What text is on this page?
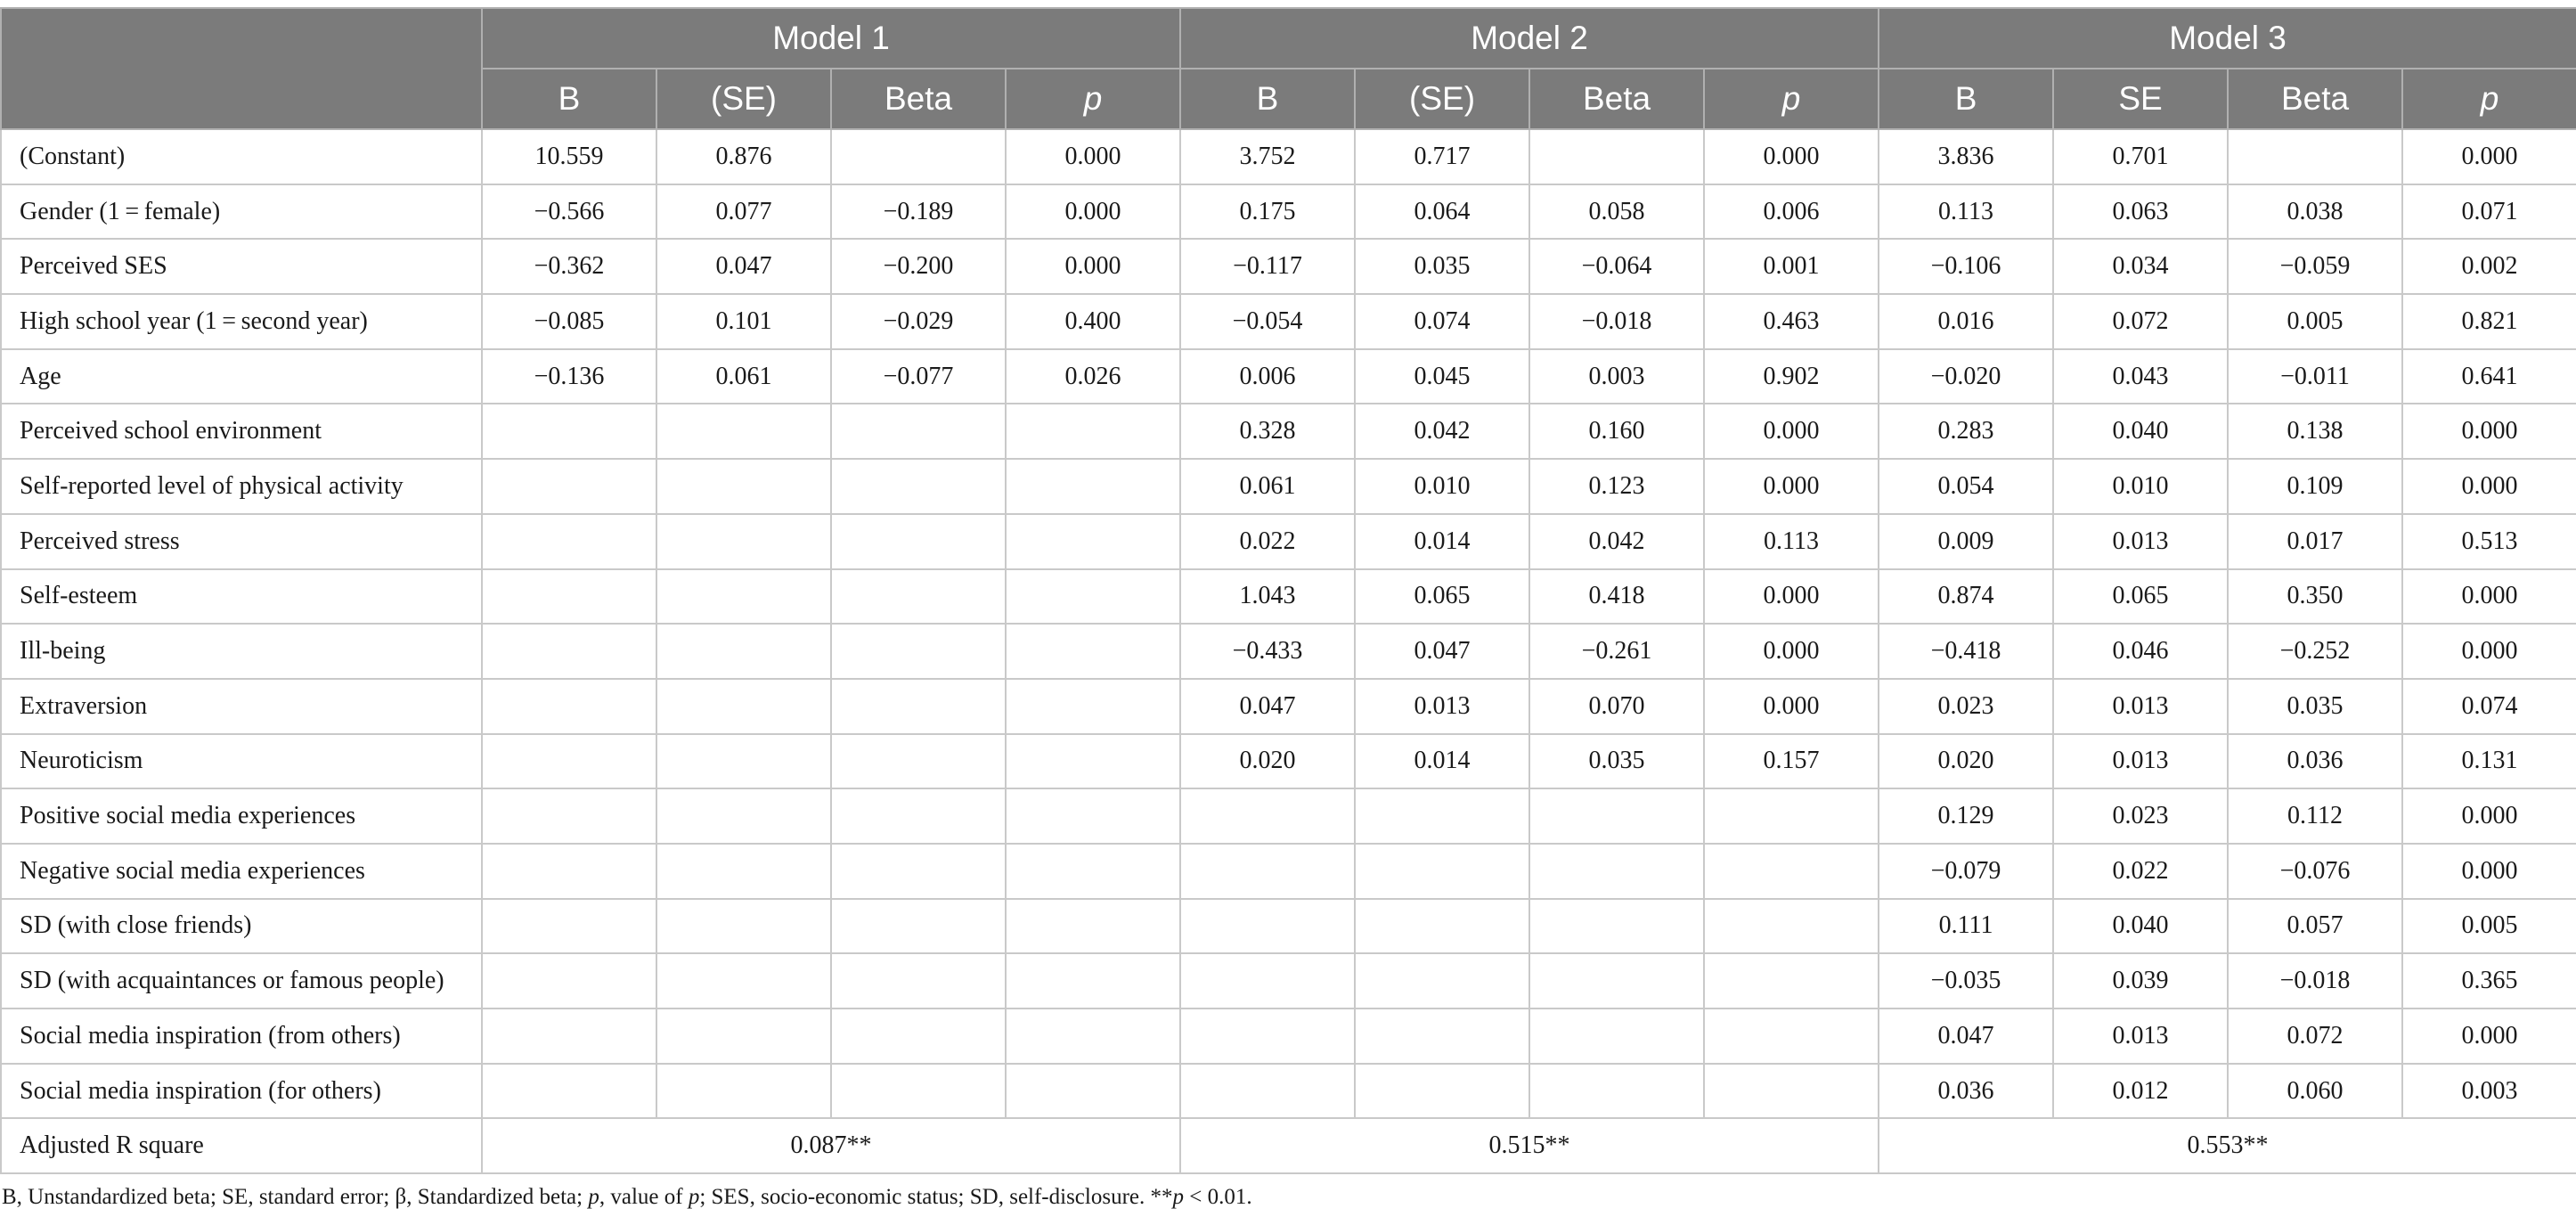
	Model 1				Model 2				Model 3			
	B	(SE)	Beta	p	B	(SE)	Beta	p	B	SE	Beta	p
(Constant)	10.559	0.876		0.000	3.752	0.717		0.000	3.836	0.701		0.000
Gender (1 = female)	−0.566	0.077	−0.189	0.000	0.175	0.064	0.058	0.006	0.113	0.063	0.038	0.071
Perceived SES	−0.362	0.047	−0.200	0.000	−0.117	0.035	−0.064	0.001	−0.106	0.034	−0.059	0.002
High school year (1 = second year)	−0.085	0.101	−0.029	0.400	−0.054	0.074	−0.018	0.463	0.016	0.072	0.005	0.821
Age	−0.136	0.061	−0.077	0.026	0.006	0.045	0.003	0.902	−0.020	0.043	−0.011	0.641
Perceived school environment					0.328	0.042	0.160	0.000	0.283	0.040	0.138	0.000
Self-reported level of physical activity					0.061	0.010	0.123	0.000	0.054	0.010	0.109	0.000
Perceived stress					0.022	0.014	0.042	0.113	0.009	0.013	0.017	0.513
Self-esteem					1.043	0.065	0.418	0.000	0.874	0.065	0.350	0.000
Ill-being					−0.433	0.047	−0.261	0.000	−0.418	0.046	−0.252	0.000
Extraversion					0.047	0.013	0.070	0.000	0.023	0.013	0.035	0.074
Neuroticism					0.020	0.014	0.035	0.157	0.020	0.013	0.036	0.131
Positive social media experiences									0.129	0.023	0.112	0.000
Negative social media experiences									−0.079	0.022	−0.076	0.000
SD (with close friends)									0.111	0.040	0.057	0.005
SD (with acquaintances or famous people)									−0.035	0.039	−0.018	0.365
Social media inspiration (from others)									0.047	0.013	0.072	0.000
Social media inspiration (for others)									0.036	0.012	0.060	0.003
Adjusted R square	0.087**				0.515**				0.553**			
B, Unstandardized beta; SE, standard error; β, Standardized beta; p, value of p; SES, socio-economic status; SD, self-disclosure. **p < 0.01.
